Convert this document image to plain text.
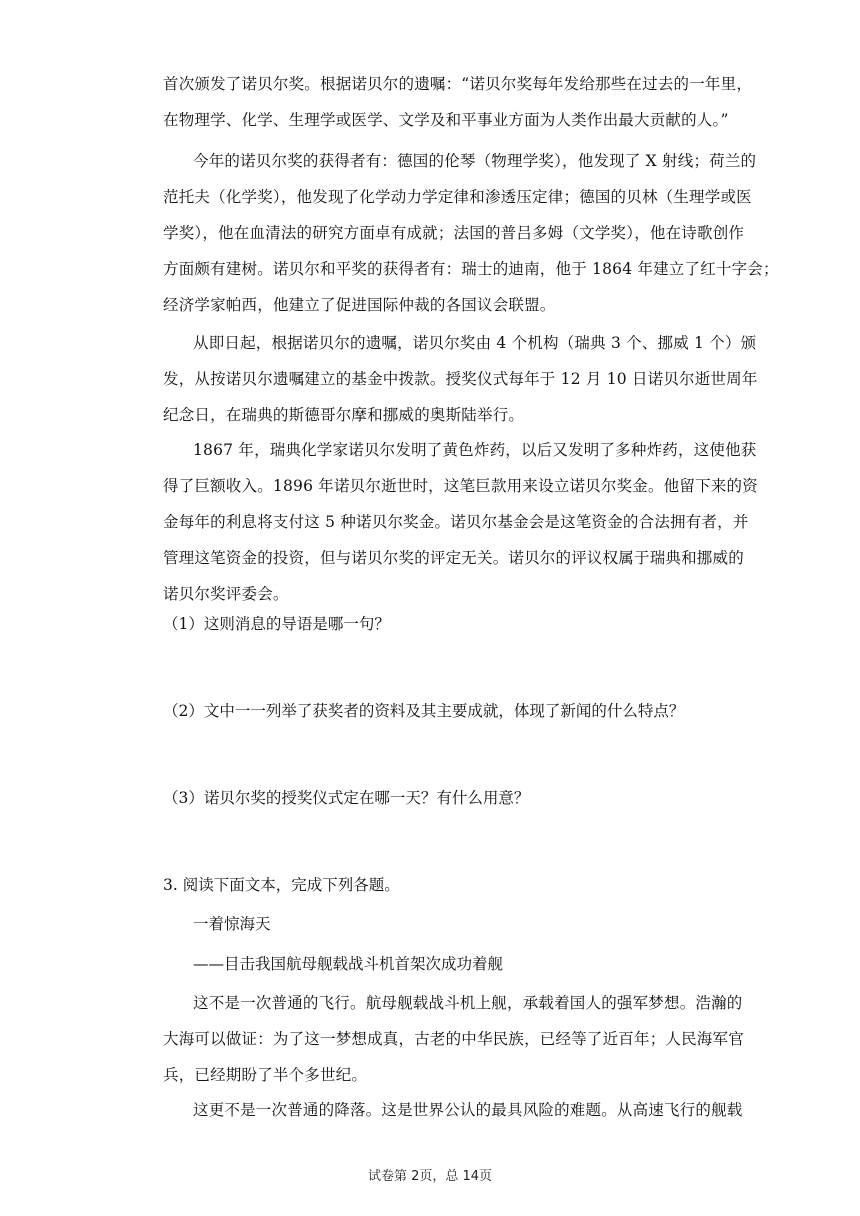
首次颁发了诺贝尔奖。根据诺贝尔的遗嘱：“诺贝尔奖每年发给那些在过去的一年里，
在物理学、化学、生理学或医学、文学及和平事业方面为人类作出最大贡献的人。”
今年的诺贝尔奖的获得者有：德国的伦琴（物理学奖），他发现了 X 射线；荷兰的
范托夫（化学奖），他发现了化学动力学定律和渗透压定律；德国的贝林（生理学或医
学奖），他在血清法的研究方面卓有成就；法国的普吕多姆（文学奖），他在诗歌创作
方面颇有建树。诺贝尔和平奖的获得者有：瑞士的迪南，他于 1864 年建立了红十字会；
经济学家帕西，他建立了促进国际仲裁的各国议会联盟。
从即日起，根据诺贝尔的遗嘱，诺贝尔奖由 4 个机构（瑞典 3 个、挪威 1 个）颁
发，从按诺贝尔遗嘱建立的基金中拨款。授奖仪式每年于 12 月 10 日诺贝尔逝世周年
纪念日，在瑞典的斯德哥尔摩和挪威的奥斯陆举行。
1867 年，瑞典化学家诺贝尔发明了黄色炸药，以后又发明了多种炸药，这使他获
得了巨额收入。1896 年诺贝尔逝世时，这笔巨款用来设立诺贝尔奖金。他留下来的资
金每年的利息将支付这 5 种诺贝尔奖金。诺贝尔基金会是这笔资金的合法拥有者，并
管理这笔资金的投资，但与诺贝尔奖的评定无关。诺贝尔的评议权属于瑞典和挪威的
诺贝尔奖评委会。

（1）这则消息的导语是哪一句？

（2）文中一一列举了获奖者的资料及其主要成就，体现了新闻的什么特点？

（3）诺贝尔奖的授奖仪式定在哪一天？有什么用意？

3. 阅读下面文本，完成下列各题。

一着惊海天

——目击我国航母舰载战斗机首架次成功着舰

这不是一次普通的飞行。航母舰载战斗机上舰，承载着国人的强军梦想。浩瀚的
大海可以做证：为了这一梦想成真，古老的中华民族，已经等了近百年；人民海军官
兵，已经期盼了半个多世纪。
这更不是一次普通的降落。这是世界公认的最具风险的难题。从高速飞行的舰载
试卷第 2页，总 14页
